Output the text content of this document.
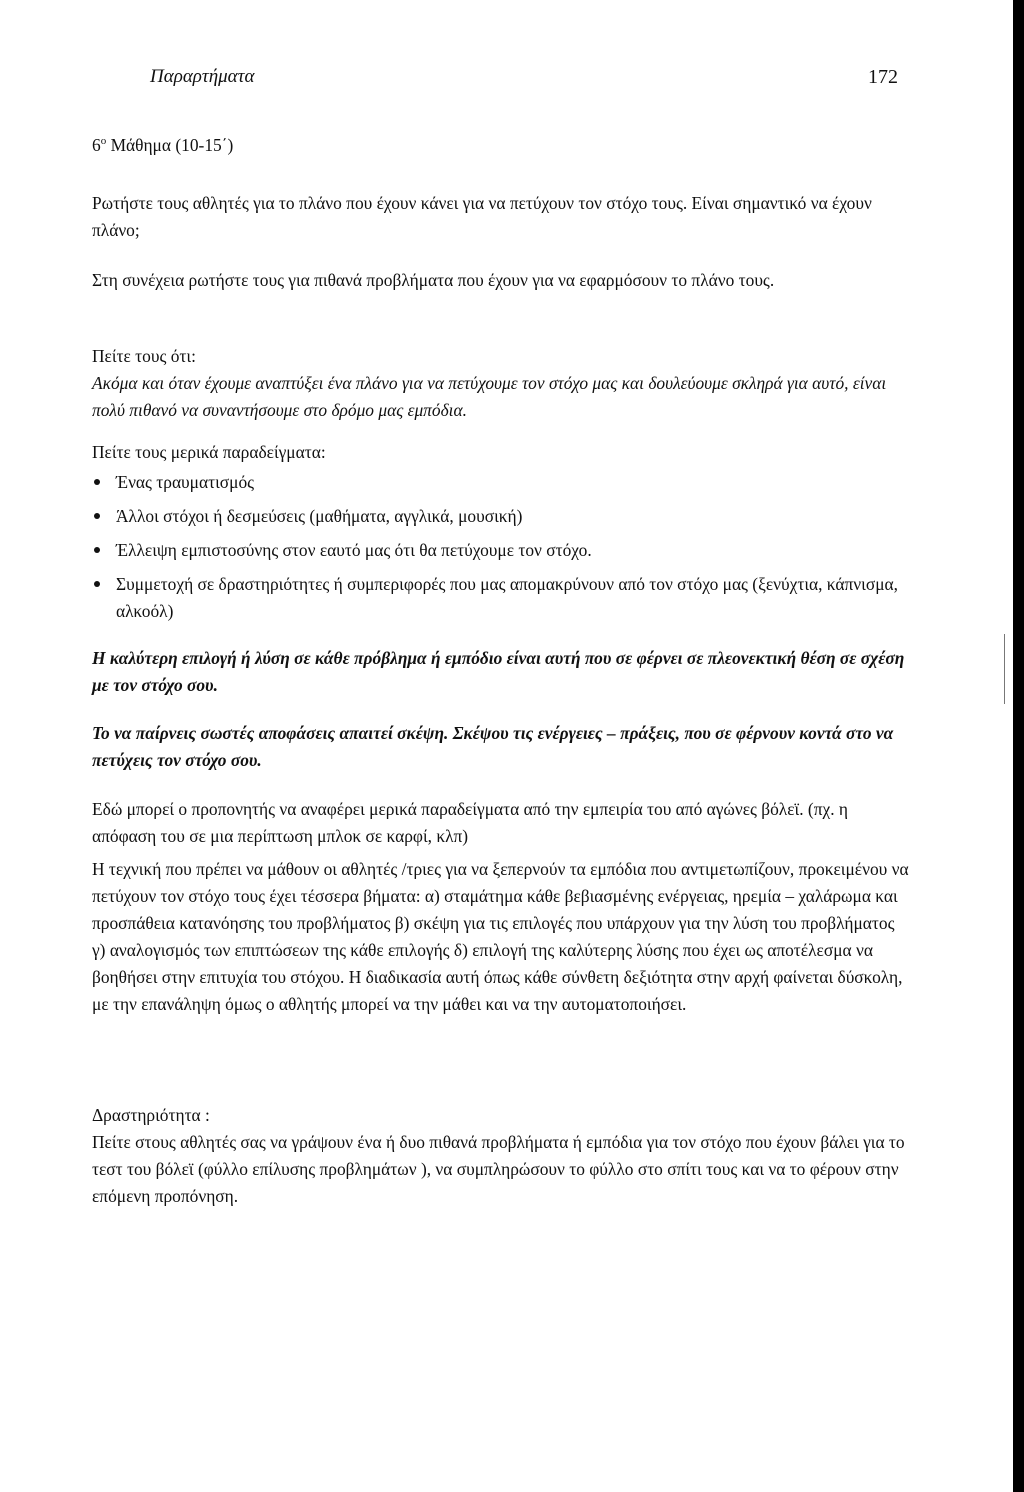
Παραρτήματα	172

$6^o$ Μάθημα (10-15΄)

Ρωτήστε τους αθλητές για το πλάνο που έχουν κάνει για να πετύχουν τον στόχο τους. Είναι σημαντικό να έχουν πλάνο;

Στη συνέχεια ρωτήστε τους για πιθανά προβλήματα που έχουν για να εφαρμόσουν το πλάνο τους.

Πείτε τους ότι:

Ακόμα και όταν έχουμε αναπτύξει ένα πλάνο για να πετύχουμε τον στόχο μας και δουλεύουμε σκληρά για αυτό, είναι πολύ πιθανό να συναντήσουμε στο δρόμο μας εμπόδια.

Πείτε τους μερικά παραδείγματα:

Ένας τραυματισμός
Άλλοι στόχοι ή δεσμεύσεις (μαθήματα, αγγλικά, μουσική)
Έλλειψη εμπιστοσύνης στον εαυτό μας ότι θα πετύχουμε τον στόχο.
Συμμετοχή σε δραστηριότητες ή συμπεριφορές που μας απομακρύνουν από τον στόχο μας (ξενύχτια, κάπνισμα, αλκοόλ)

Η καλύτερη επιλογή ή λύση σε κάθε πρόβλημα ή εμπόδιο είναι αυτή που σε φέρνει σε πλεονεκτική θέση σε σχέση με τον στόχο σου.

Το να παίρνεις σωστές αποφάσεις απαιτεί σκέψη. Σκέψου τις ενέργειες – πράξεις, που σε φέρνουν κοντά στο να πετύχεις τον στόχο σου.

Εδώ μπορεί ο προπονητής να αναφέρει μερικά παραδείγματα από την εμπειρία του από αγώνες βόλεϊ. (πχ. η απόφαση του σε μια περίπτωση μπλοκ σε καρφί, κλπ)

Η τεχνική που πρέπει να μάθουν οι αθλητές /τριες για να ξεπερνούν τα εμπόδια που αντιμετωπίζουν, προκειμένου να πετύχουν τον στόχο τους έχει τέσσερα βήματα: α) σταμάτημα κάθε βεβιασμένης ενέργειας, ηρεμία – χαλάρωμα και προσπάθεια κατανόησης του προβλήματος β) σκέψη για τις επιλογές που υπάρχουν για την λύση του προβλήματος γ) αναλογισμός των επιπτώσεων της κάθε επιλογής δ) επιλογή της καλύτερης λύσης που έχει ως αποτέλεσμα να βοηθήσει στην επιτυχία του στόχου. Η διαδικασία αυτή όπως κάθε σύνθετη δεξιότητα στην αρχή φαίνεται δύσκολη, με την επανάληψη όμως ο αθλητής μπορεί να την μάθει και να την αυτοματοποιήσει.

Δραστηριότητα :

Πείτε στους αθλητές σας να γράψουν ένα ή δυο πιθανά προβλήματα ή εμπόδια για τον στόχο που έχουν βάλει για το τεστ του βόλεϊ (φύλλο επίλυσης προβλημάτων ), να συμπληρώσουν το φύλλο στο σπίτι τους και να το φέρουν στην επόμενη προπόνηση.
